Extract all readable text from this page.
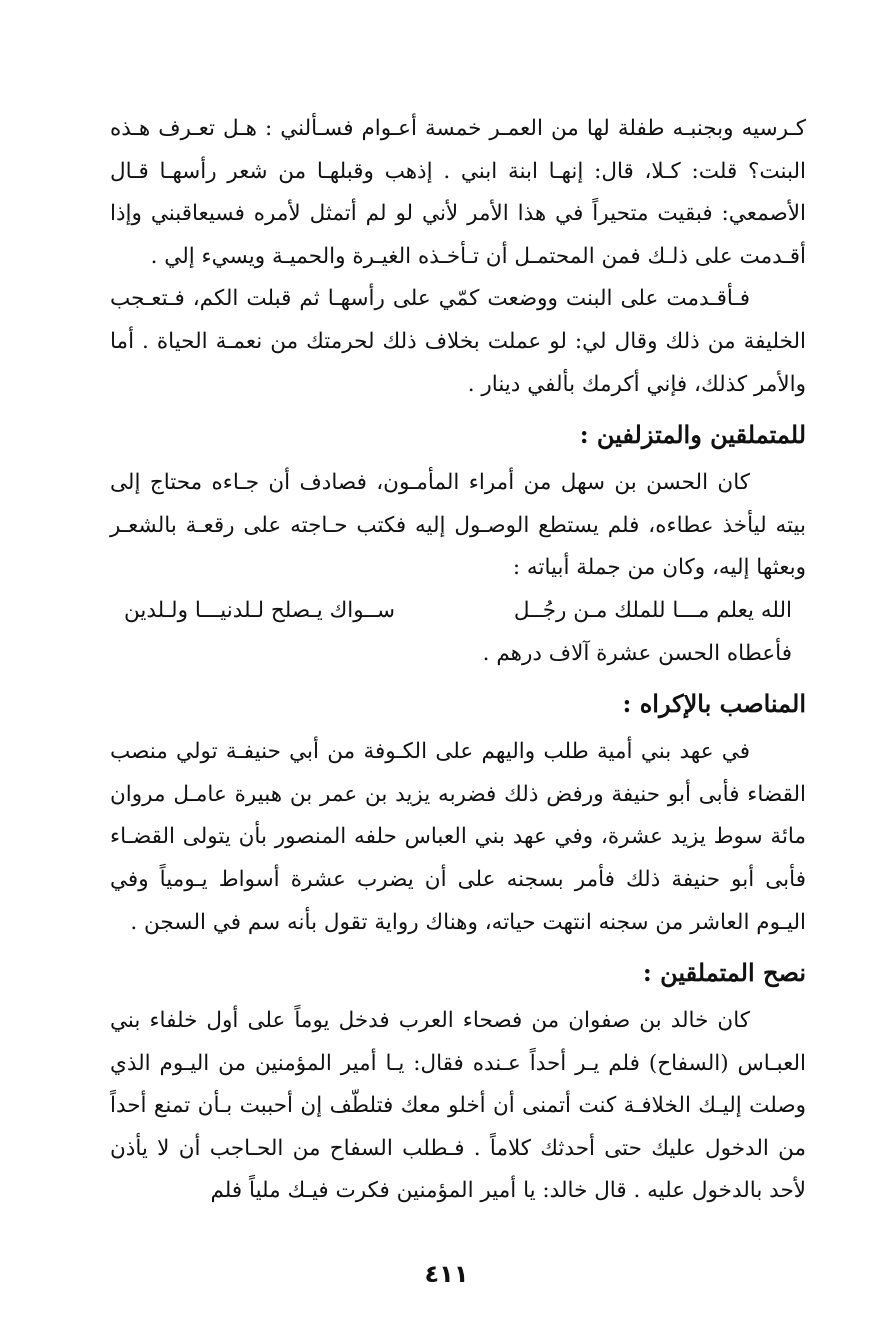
كـرسيه وبجنبـه طفلة لها من العمـر خمسة أعـوام فسـألني : هـل تعـرف هـذه البنت؟ قلت: كـلا، قال: إنهـا ابنة ابني . إذهب وقبلهـا من شعر رأسهـا قـال الأصمعي: فبقيت متحيراً في هذا الأمر لأني لو لم أتمثل لأمره فسيعاقبني وإذا أقـدمت على ذلـك فمن المحتمـل أن تـأخـذه الغيـرة والحميـة ويسيء إلي .

فـأقـدمت على البنت ووضعت كمّي على رأسهـا ثم قبلت الكم، فـتعـجب الخليفة من ذلك وقال لي: لو عملت بخلاف ذلك لحرمتك من نعمـة الحياة . أما والأمر كذلك، فإني أكرمك بألفي دينار .

للمتملقين والمتزلفين :

كان الحسن بن سهل من أمراء المأمـون، فصادف أن جـاءه محتاج إلى بيته ليأخذ عطاءه، فلم يستطع الوصـول إليه فكتب حـاجته على رقعـة بالشعـر وبعثها إليه، وكان من جملة أبياته :

الله يعلم مـــا للملك مـن رجُــل
ســواك يـصلح لـلدنيـــا ولـلدين
فأعطاه الحسن عشرة آلاف درهم .
المناصب بالإكراه :

في عهد بني أمية طلب واليهم على الكـوفة من أبي حنيفـة تولي منصب القضاء فأبى أبو حنيفة ورفض ذلك فضربه يزيد بن عمر بن هبيرة عامـل مروان مائة سوط يزيد عشرة، وفي عهد بني العباس حلفه المنصور بأن يتولى القضـاء فأبى أبو حنيفة ذلك فأمر بسجنه على أن يضرب عشرة أسواط يـومياً وفي اليـوم العاشر من سجنه انتهت حياته، وهناك رواية تقول بأنه سم في السجن .

نصح المتملقين :

كان خالد بن صفوان من فصحاء العرب فدخل يوماً على أول خلفاء بني العبـاس (السفاح) فلم يـر أحداً عـنده فقال: يـا أمير المؤمنين من اليـوم الذي وصلت إليـك الخلافـة كنت أتمنى أن أخلو معك فتلطّف إن أحببت بـأن تمنع أحداً من الدخول عليك حتى أحدثك كلاماً . فـطلب السفاح من الحـاجب أن لا يأذن لأحد بالدخول عليه . قال خالد: يا أمير المؤمنين فكرت فيـك ملياً فلم

٤١١
